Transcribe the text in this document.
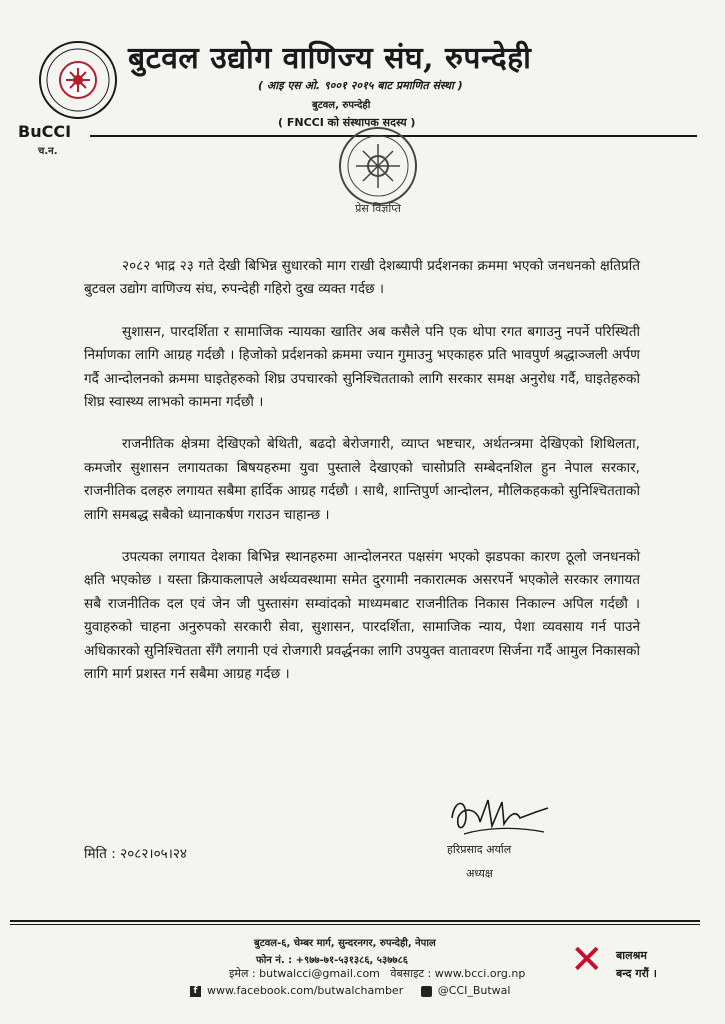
बुटवल उद्योग वाणिज्य संघ, रुपन्देही
( आइ एस ओ. ९००१ २०१५ बाट प्रमाणित संस्था )
बुटवल, रुपन्देही
( FNCCI को संस्थापक सदस्य )
BuCCI
च.न.
प्रेस विज्ञप्ति

२०८२ भाद्र २३ गते देखी बिभिन्न सुधारको माग राखी देशब्यापी प्रर्दशनका क्रममा भएको जनधनको क्षतिप्रति बुटवल उद्योग वाणिज्य संघ, रुपन्देही गहिरो दुख व्यक्त गर्दछ ।

सुशासन, पारदर्शिता र सामाजिक न्यायका खातिर अब कसैले पनि एक थोपा रगत बगाउनु नपर्ने परिस्थिती निर्माणका लागि आग्रह गर्दछौ । हिजोको प्रर्दशनको क्रममा ज्यान गुमाउनु भएकाहरु प्रति भावपुर्ण श्रद्धाञ्जली अर्पण गर्दै आन्दोलनको क्रममा घाइतेहरुको शिघ्र उपचारको सुनिश्चितताको लागि सरकार समक्ष अनुरोध गर्दै, घाइतेहरुको शिघ्र स्वास्थ्य लाभको कामना गर्दछौ ।

राजनीतिक क्षेत्रमा देखिएको बेथिती, बढदो बेरोजगारी, व्याप्त भष्टचार, अर्थतन्त्रमा देखिएको शिथिलता, कमजोर सुशासन लगायतका बिषयहरुमा युवा पुस्ताले देखाएको चासोप्रति सम्बेदनशिल हुन नेपाल सरकार, राजनीतिक दलहरु लगायत सबैमा हार्दिक आग्रह गर्दछौ । साथै, शान्तिपुर्ण आन्दोलन, मौलिकहकको सुनिश्चितताको लागि समबद्ध सबैको ध्यानाकर्षण गराउन चाहान्छ ।

उपत्यका लगायत देशका बिभिन्न स्थानहरुमा आन्दोलनरत पक्षसंग भएको झडपका कारण ठूलो जनधनको क्षति भएकोछ । यस्ता क्रियाकलापले अर्थव्यवस्थामा समेत दुरगामी नकारात्मक असरपर्ने भएकोले सरकार लगायत सबै राजनीतिक दल एवं जेन जी पुस्तासंग सम्वांदको माध्यमबाट राजनीतिक निकास निकाल्न अपिल गर्दछौ । युवाहरुको चाहना अनुरुपको सरकारी सेवा, सुशासन, पारदर्शिता, सामाजिक न्याय, पेशा व्यवसाय गर्न पाउने अधिकारको सुनिश्चितता सँगै लगानी एवं रोजगारी प्रवर्द्धनका लागि उपयुक्त वातावरण सिर्जना गर्दै आमुल निकासको लागि मार्ग प्रशस्त गर्न सबैमा आग्रह गर्दछ ।

मिति : २०८२।०५।२४	हरिप्रसाद अर्याल
अध्यक्ष
बुटवल-६, चेम्बर मार्ग, सुन्दरनगर, रुपन्देही, नेपाल
फोन नं. : +९७७-७१-५३१३८६, ५३७७८६
इमेल : butwalcci@gmail.com वेबसाइट : www.bcci.org.np
f www.facebook.com/butwalchamber	@CCI_Butwal
✕ बालश्रम
बन्द गरौं ।
